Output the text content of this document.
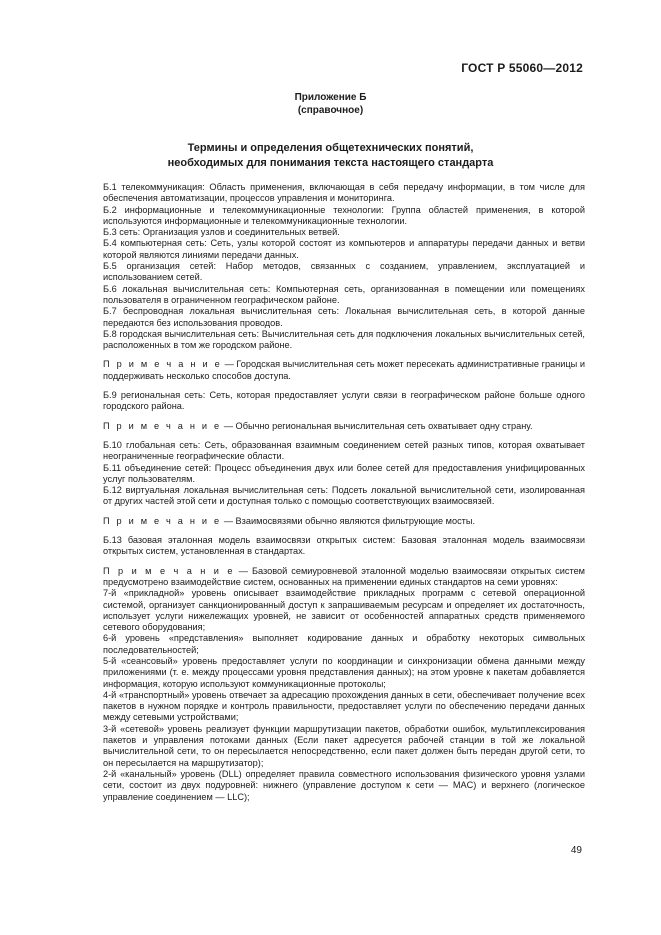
ГОСТ Р 55060—2012
Приложение Б
(справочное)
Термины и определения общетехнических понятий,
необходимых для понимания текста настоящего стандарта

Б.1 телекоммуникация: Область применения, включающая в себя передачу информации, в том числе для обеспечения автоматизации, процессов управления и мониторинга.

Б.2 информационные и телекоммуникационные технологии: Группа областей применения, в которой используются информационные и телекоммуникационные технологии.

Б.3 сеть: Организация узлов и соединительных ветвей.

Б.4 компьютерная сеть: Сеть, узлы которой состоят из компьютеров и аппаратуры передачи данных и ветви которой являются линиями передачи данных.

Б.5 организация сетей: Набор методов, связанных с созданием, управлением, эксплуатацией и использованием сетей.

Б.6 локальная вычислительная сеть: Компьютерная сеть, организованная в помещении или помещениях пользователя в ограниченном географическом районе.

Б.7 беспроводная локальная вычислительная сеть: Локальная вычислительная сеть, в которой данные передаются без использования проводов.

Б.8 городская вычислительная сеть: Вычислительная сеть для подключения локальных вычислительных сетей, расположенных в том же городском районе.

П р и м е ч а н и е — Городская вычислительная сеть может пересекать административные границы и поддерживать несколько способов доступа.

Б.9 региональная сеть: Сеть, которая предоставляет услуги связи в географическом районе больше одного городского района.

П р и м е ч а н и е — Обычно региональная вычислительная сеть охватывает одну страну.

Б.10 глобальная сеть: Сеть, образованная взаимным соединением сетей разных типов, которая охватывает неограниченные географические области.

Б.11 объединение сетей: Процесс объединения двух или более сетей для предоставления унифицированных услуг пользователям.

Б.12 виртуальная локальная вычислительная сеть: Подсеть локальной вычислительной сети, изолированная от других частей этой сети и доступная только с помощью соответствующих взаимосвязей.

П р и м е ч а н и е — Взаимосвязями обычно являются фильтрующие мосты.

Б.13 базовая эталонная модель взаимосвязи открытых систем: Базовая эталонная модель взаимосвязи открытых систем, установленная в стандартах.

П р и м е ч а н и е — Базовой семиуровневой эталонной моделью взаимосвязи открытых систем предусмотрено взаимодействие систем, основанных на применении единых стандартов на семи уровнях:

7-й «прикладной» уровень описывает взаимодействие прикладных программ с сетевой операционной системой, организует санкционированный доступ к запрашиваемым ресурсам и определяет их достаточность, использует услуги нижележащих уровней, не зависит от особенностей аппаратных средств применяемого сетевого оборудования;

6-й уровень «представления» выполняет кодирование данных и обработку некоторых символьных последовательностей;

5-й «сеансовый» уровень предоставляет услуги по координации и синхронизации обмена данными между приложениями (т. е. между процессами уровня представления данных); на этом уровне к пакетам добавляется информация, которую используют коммуникационные протоколы;

4-й «транспортный» уровень отвечает за адресацию прохождения данных в сети, обеспечивает получение всех пакетов в нужном порядке и контроль правильности, предоставляет услуги по обеспечению передачи данных между сетевыми устройствами;

3-й «сетевой» уровень реализует функции маршрутизации пакетов, обработки ошибок, мультиплексирования пакетов и управления потоками данных (Если пакет адресуется рабочей станции в той же локальной вычислительной сети, то он пересылается непосредственно, если пакет должен быть передан другой сети, то он пересылается на маршрутизатор);

2-й «канальный» уровень (DLL) определяет правила совместного использования физического уровня узлами сети, состоит из двух подуровней: нижнего (управление доступом к сети — MAC) и верхнего (логическое управление соединением — LLC);

49
